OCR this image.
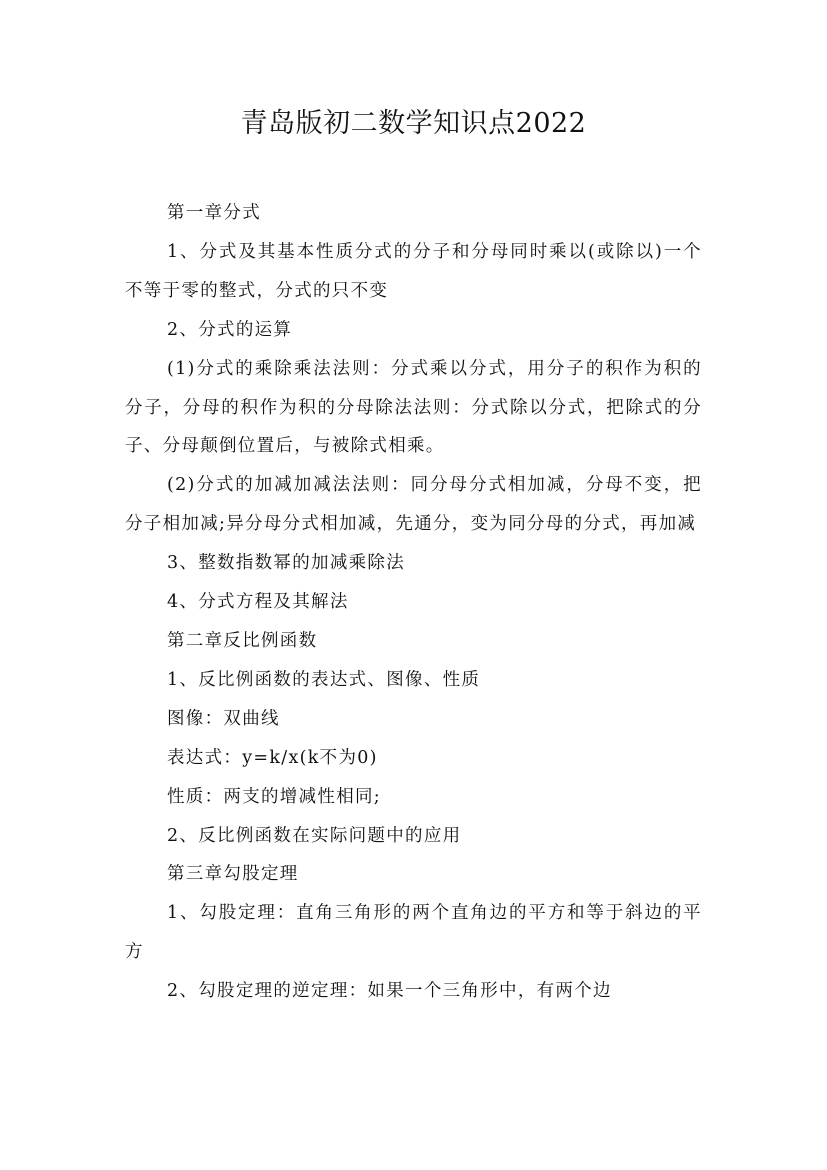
青岛版初二数学知识点2022

第一章分式

1、分式及其基本性质分式的分子和分母同时乘以(或除以)一个不等于零的整式，分式的只不变

2、分式的运算

(1)分式的乘除乘法法则：分式乘以分式，用分子的积作为积的分子，分母的积作为积的分母除法法则：分式除以分式，把除式的分子、分母颠倒位置后，与被除式相乘。

(2)分式的加减加减法法则：同分母分式相加减，分母不变，把分子相加减;异分母分式相加减，先通分，变为同分母的分式，再加减

3、整数指数幂的加减乘除法

4、分式方程及其解法

第二章反比例函数

1、反比例函数的表达式、图像、性质

图像：双曲线

表达式：y=k/x(k不为0)

性质：两支的增减性相同;

2、反比例函数在实际问题中的应用

第三章勾股定理

1、勾股定理：直角三角形的两个直角边的平方和等于斜边的平方

2、勾股定理的逆定理：如果一个三角形中，有两个边
